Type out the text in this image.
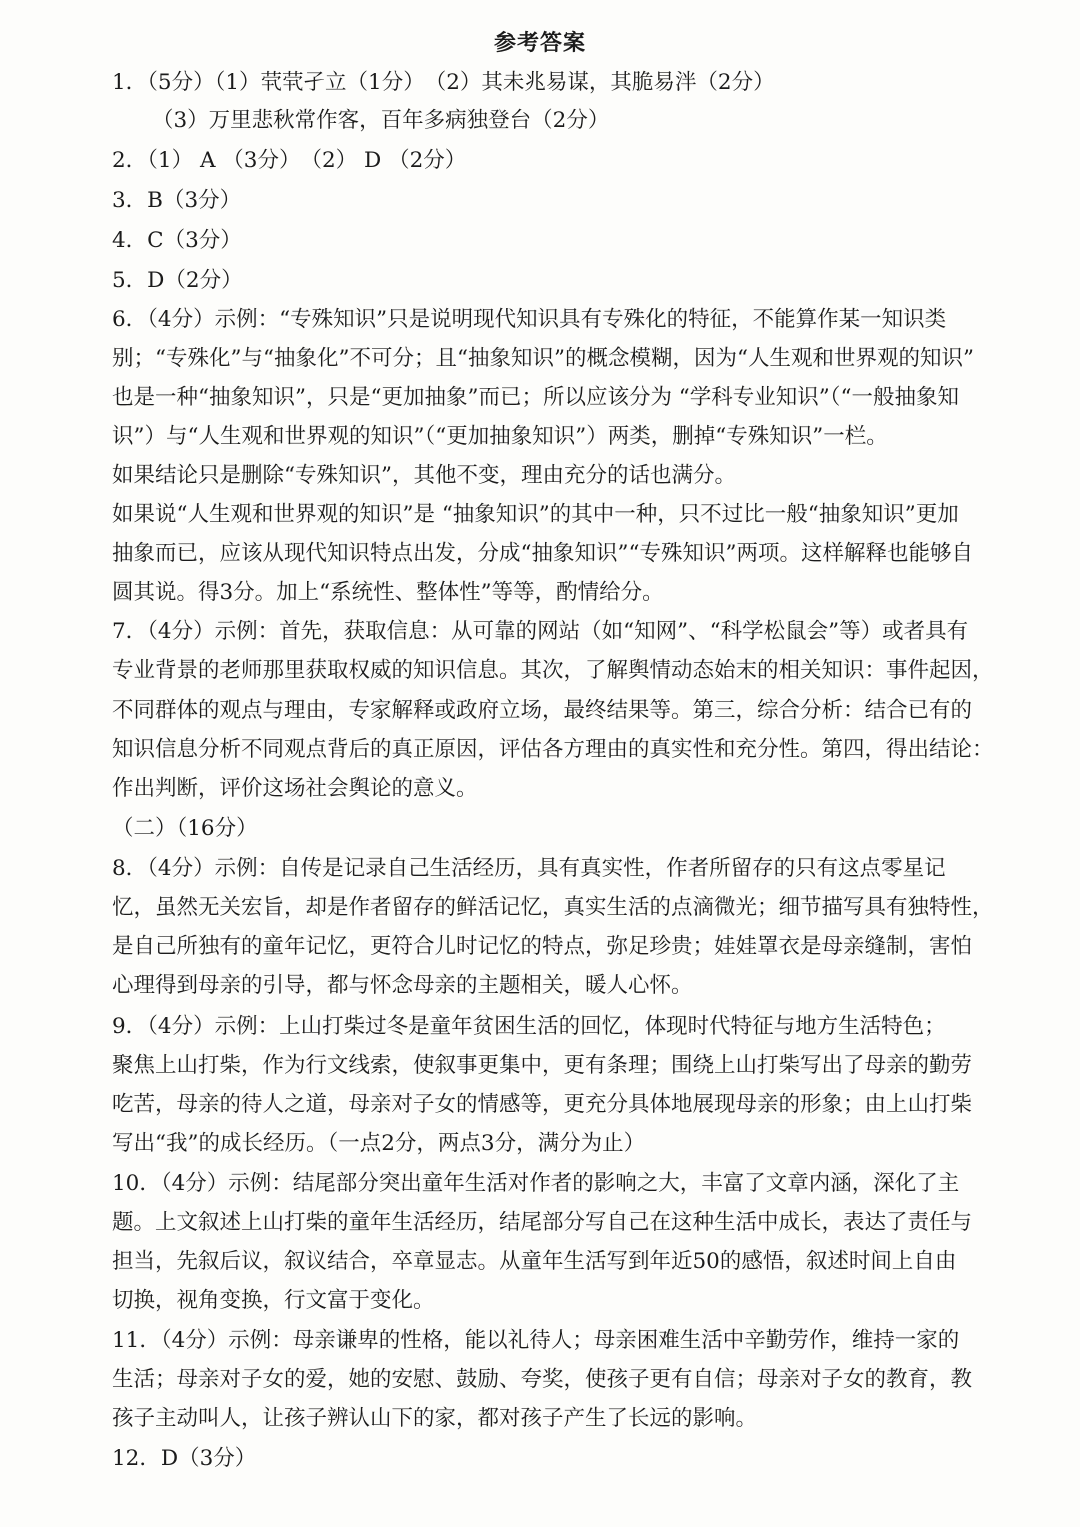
参考答案
1．（5分）（1）茕茕孑立（1分）　（2）其未兆易谋，其脆易泮（2分）
（3）万里悲秋常作客，百年多病独登台（2分）
2．（1） A （3分）　（2） D （2分）
3．B（3分）
4．C（3分）
5．D（2分）
6．（4分）示例：“专殊知识”只是说明现代知识具有专殊化的特征，不能算作某一知识类
别；“专殊化”与“抽象化”不可分；且“抽象知识”的概念模糊，因为“人生观和世界观的知识”
也是一种“抽象知识”，只是“更加抽象”而已；所以应该分为 “学科专业知识”（“一般抽象知
识”）与“人生观和世界观的知识”（“更加抽象知识”）两类，删掉“专殊知识”一栏。
如果结论只是删除“专殊知识”，其他不变，理由充分的话也满分。
如果说“人生观和世界观的知识”是 “抽象知识”的其中一种，只不过比一般“抽象知识”更加
抽象而已，应该从现代知识特点出发，分成“抽象知识”“专殊知识”两项。这样解释也能够自
圆其说。得3分。加上“系统性、整体性”等等，酌情给分。
7．（4分）示例：首先，获取信息：从可靠的网站（如“知网”、“科学松鼠会”等）或者具有
专业背景的老师那里获取权威的知识信息。其次，了解舆情动态始末的相关知识：事件起因，
不同群体的观点与理由，专家解释或政府立场，最终结果等。第三，综合分析：结合已有的
知识信息分析不同观点背后的真正原因，评估各方理由的真实性和充分性。第四，得出结论：
作出判断，评价这场社会舆论的意义。
（二）（16分）
8．（4分）示例：自传是记录自己生活经历，具有真实性，作者所留存的只有这点零星记
忆，虽然无关宏旨，却是作者留存的鲜活记忆，真实生活的点滴微光；细节描写具有独特性，
是自己所独有的童年记忆，更符合儿时记忆的特点，弥足珍贵；娃娃罩衣是母亲缝制，害怕
心理得到母亲的引导，都与怀念母亲的主题相关，暖人心怀。
9．（4分）示例：上山打柴过冬是童年贫困生活的回忆，体现时代特征与地方生活特色；
聚焦上山打柴，作为行文线索，使叙事更集中，更有条理；围绕上山打柴写出了母亲的勤劳
吃苦，母亲的待人之道，母亲对子女的情感等，更充分具体地展现母亲的形象；由上山打柴
写出“我”的成长经历。（一点2分，两点3分，满分为止）
10．（4分）示例：结尾部分突出童年生活对作者的影响之大，丰富了文章内涵，深化了主
题。上文叙述上山打柴的童年生活经历，结尾部分写自己在这种生活中成长，表达了责任与
担当，先叙后议，叙议结合，卒章显志。从童年生活写到年近50的感悟，叙述时间上自由
切换，视角变换，行文富于变化。
11．（4分）示例：母亲谦卑的性格，能以礼待人；母亲困难生活中辛勤劳作，维持一家的
生活；母亲对子女的爱，她的安慰、鼓励、夸奖，使孩子更有自信；母亲对子女的教育，教
孩子主动叫人，让孩子辨认山下的家，都对孩子产生了长远的影响。
12．D（3分）
